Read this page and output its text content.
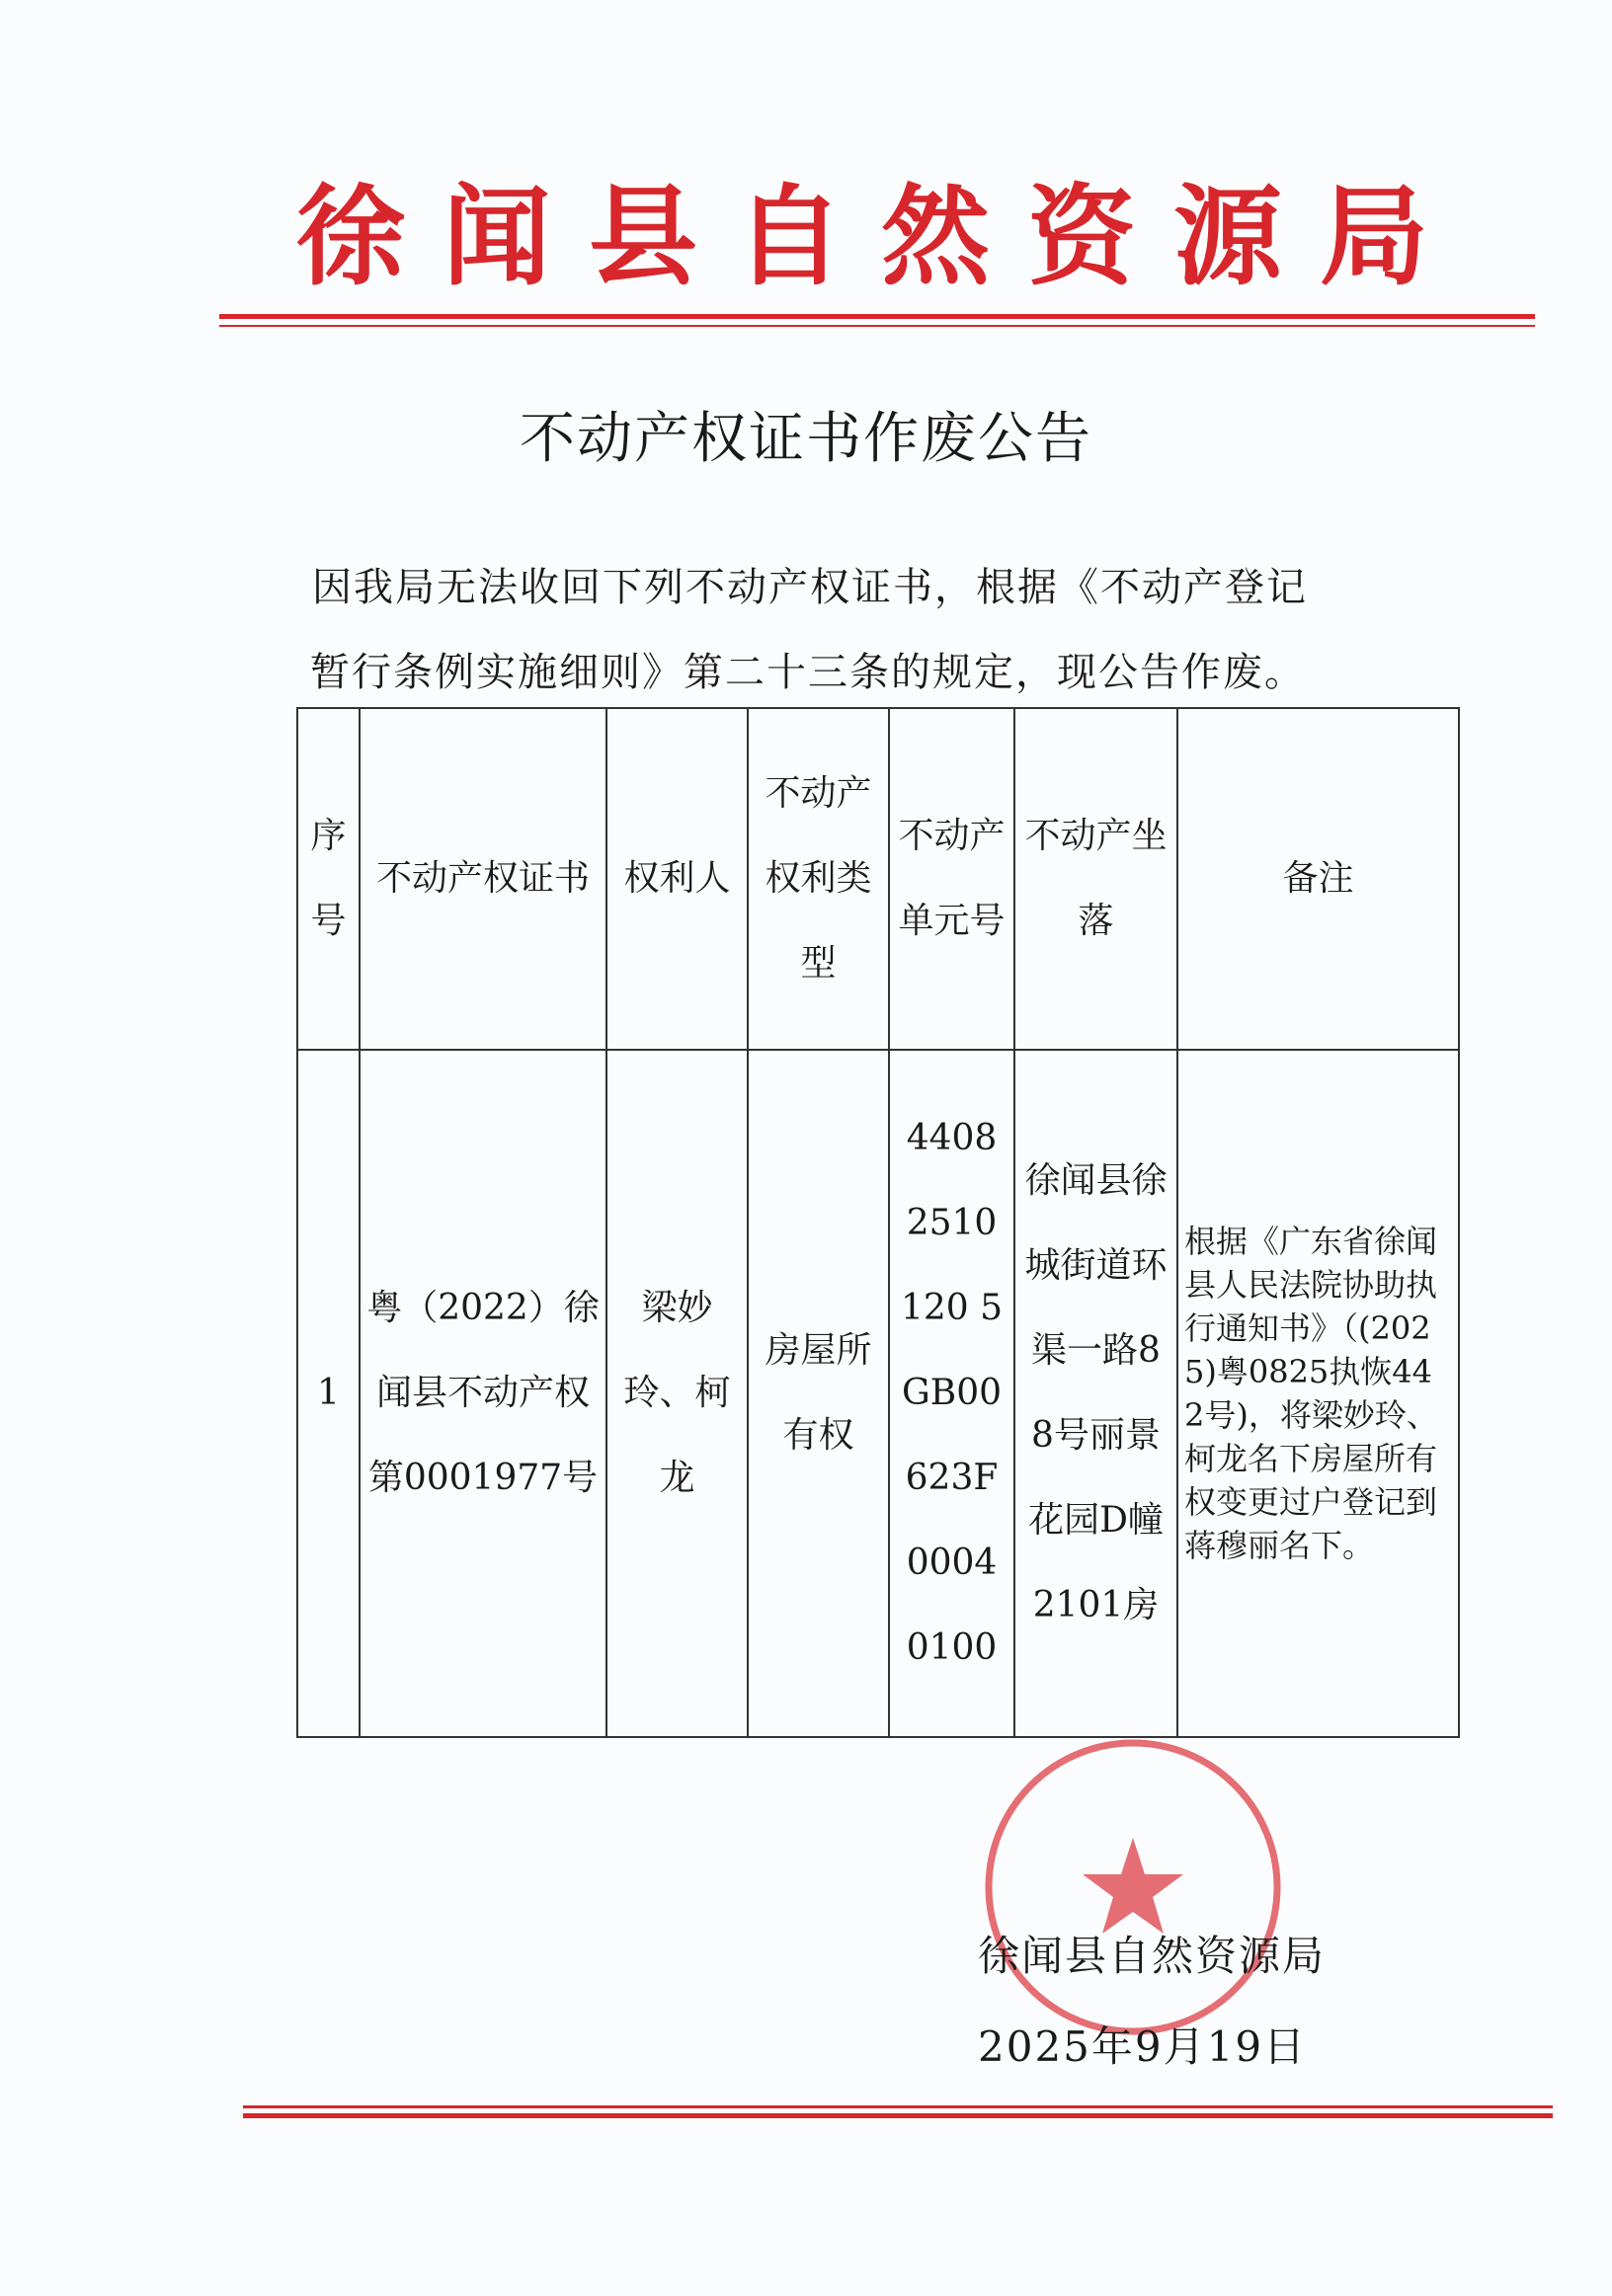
徐闻县自然资源局
不动产权证书作废公告
因我局无法收回下列不动产权证书，根据《不动产登记
暂行条例实施细则》第二十三条的规定，现公告作废。
序号	不动产权证书	权利人	不动产权利类型	不动产单元号	不动产坐落	备注
1	粤（2022）徐闻县不动产权第0001977号	梁妙玲、柯龙	房屋所有权	44082510120 5GB00623F00040100	徐闻县徐城街道环渠一路88号丽景花园D幢2101房	根据《广东省徐闻县人民法院协助执行通知书》（(2025)粤0825执恢442号)，将梁妙玲、柯龙名下房屋所有权变更过户登记到蒋穆丽名下。
徐闻县自然资源局
2025年9月19日
